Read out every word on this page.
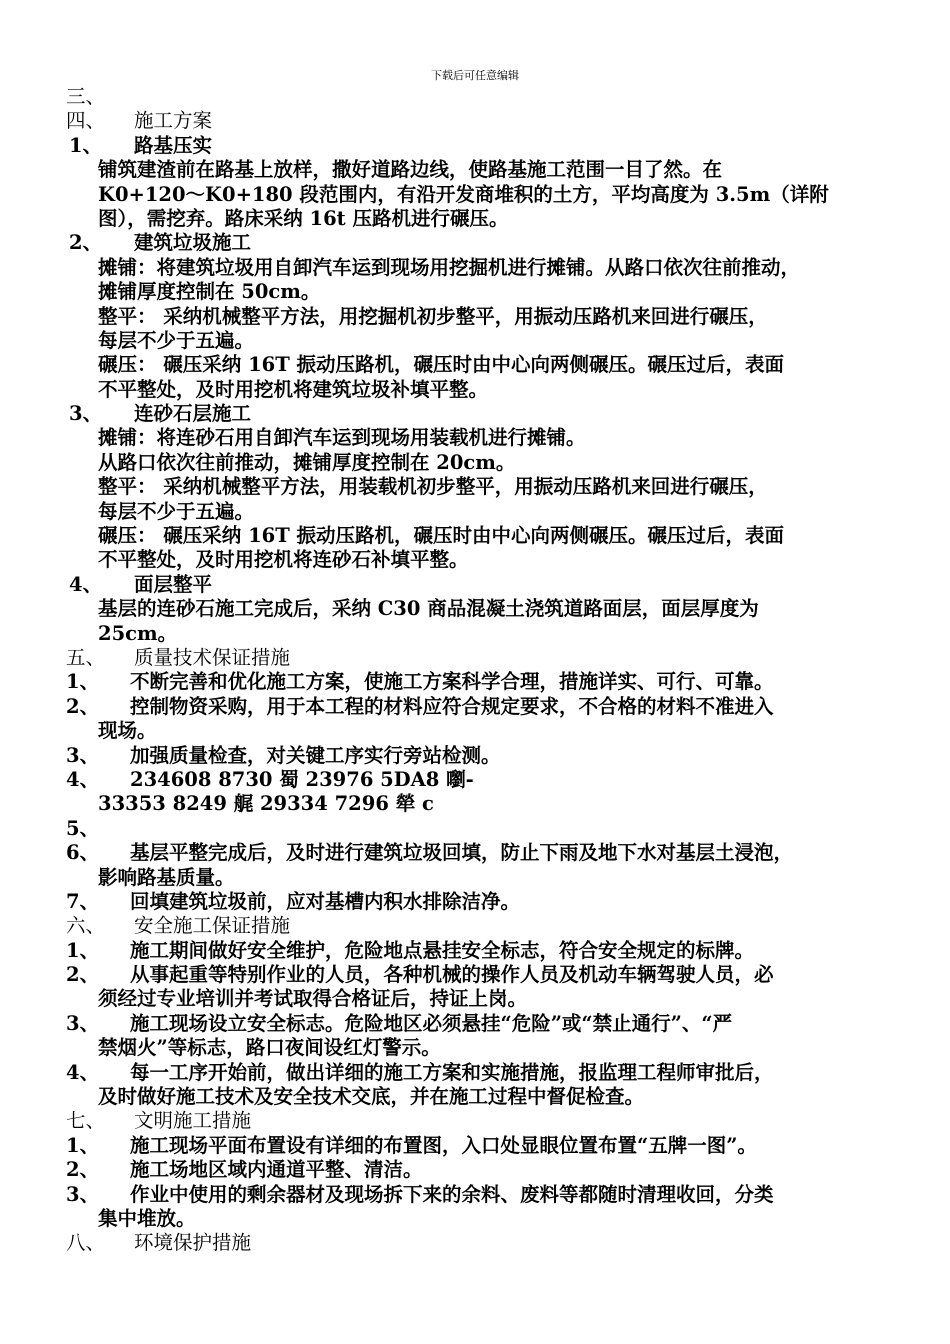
下载后可任意编辑
三、
四、 施工方案
1、 路基压实
铺筑建渣前在路基上放样，撒好道路边线，使路基施工范围一目了然。在
K0+120～K0+180 段范围内，有沿开发商堆积的土方，平均高度为 3.5m（详附
图），需挖弃。路床采纳 16t 压路机进行碾压。
2、 建筑垃圾施工
摊铺：将建筑垃圾用自卸汽车运到现场用挖掘机进行摊铺。从路口依次往前推动，
摊铺厚度控制在 50cm。
整平： 采纳机械整平方法，用挖掘机初步整平，用振动压路机来回进行碾压，
每层不少于五遍。
碾压： 碾压采纳 16T 振动压路机，碾压时由中心向两侧碾压。碾压过后，表面
不平整处，及时用挖机将建筑垃圾补填平整。
3、 连砂石层施工
摊铺：将连砂石用自卸汽车运到现场用装载机进行摊铺。
从路口依次往前推动，摊铺厚度控制在 20cm。
整平： 采纳机械整平方法，用装载机初步整平，用振动压路机来回进行碾压，
每层不少于五遍。
碾压： 碾压采纳 16T 振动压路机，碾压时由中心向两侧碾压。碾压过后，表面
不平整处，及时用挖机将连砂石补填平整。
4、 面层整平
基层的连砂石施工完成后，采纳 C30 商品混凝土浇筑道路面层，面层厚度为
25cm。
五、 质量技术保证措施
1、 不断完善和优化施工方案，使施工方案科学合理，措施详实、可行、可靠。
2、 控制物资采购，用于本工程的材料应符合规定要求，不合格的材料不准进入
现场。
3、 加强质量检查，对关键工序实行旁站检测。
4、 234608 8730 蜀 23976 5DA8 嚠-
33353 8249 艉 29334 7296 犖 c
5、
6、 基层平整完成后，及时进行建筑垃圾回填，防止下雨及地下水对基层土浸泡，
影响路基质量。
7、 回填建筑垃圾前，应对基槽内积水排除洁净。
六、 安全施工保证措施
1、 施工期间做好安全维护，危险地点悬挂安全标志，符合安全规定的标牌。
2、 从事起重等特别作业的人员，各种机械的操作人员及机动车辆驾驶人员，必
须经过专业培训并考试取得合格证后，持证上岗。
3、 施工现场设立安全标志。危险地区必须悬挂“危险”或“禁止通行”、“严
禁烟火”等标志，路口夜间设红灯警示。
4、 每一工序开始前，做出详细的施工方案和实施措施，报监理工程师审批后，
及时做好施工技术及安全技术交底，并在施工过程中督促检查。
七、 文明施工措施
1、 施工现场平面布置设有详细的布置图，入口处显眼位置布置“五牌一图”。
2、 施工场地区域内通道平整、清洁。
3、 作业中使用的剩余器材及现场拆下来的余料、废料等都随时清理收回，分类
集中堆放。
八、 环境保护措施
